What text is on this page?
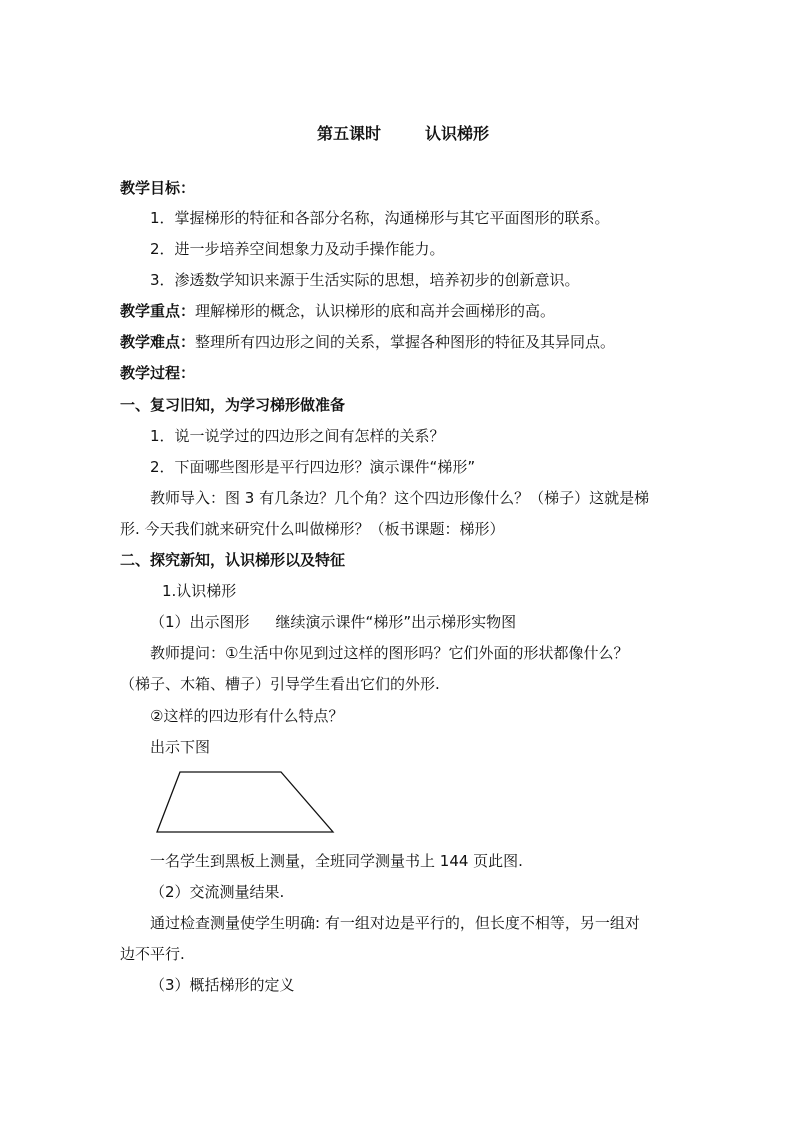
第五课时	认识梯形
教学目标：
1．掌握梯形的特征和各部分名称，沟通梯形与其它平面图形的联系。
2．进一步培养空间想象力及动手操作能力。
3．渗透数学知识来源于生活实际的思想，培养初步的创新意识。
教学重点：理解梯形的概念，认识梯形的底和高并会画梯形的高。
教学难点：整理所有四边形之间的关系，掌握各种图形的特征及其异同点。
教学过程：
一、复习旧知，为学习梯形做准备
1．说一说学过的四边形之间有怎样的关系？
2．下面哪些图形是平行四边形？演示课件“梯形”
教师导入：图 3 有几条边？几个角？这个四边形像什么？（梯子）这就是梯
形. 今天我们就来研究什么叫做梯形？（板书课题：梯形）
二、探究新知，认识梯形以及特征
1.认识梯形
（1）出示图形 继续演示课件“梯形”出示梯形实物图
教师提问：①生活中你见到过这样的图形吗？它们外面的形状都像什么？
（梯子、木箱、槽子）引导学生看出它们的外形.
②这样的四边形有什么特点？
出示下图
一名学生到黑板上测量，全班同学测量书上 144 页此图.
（2）交流测量结果.
通过检查测量使学生明确: 有一组对边是平行的，但长度不相等，另一组对
边不平行.
（3）概括梯形的定义
